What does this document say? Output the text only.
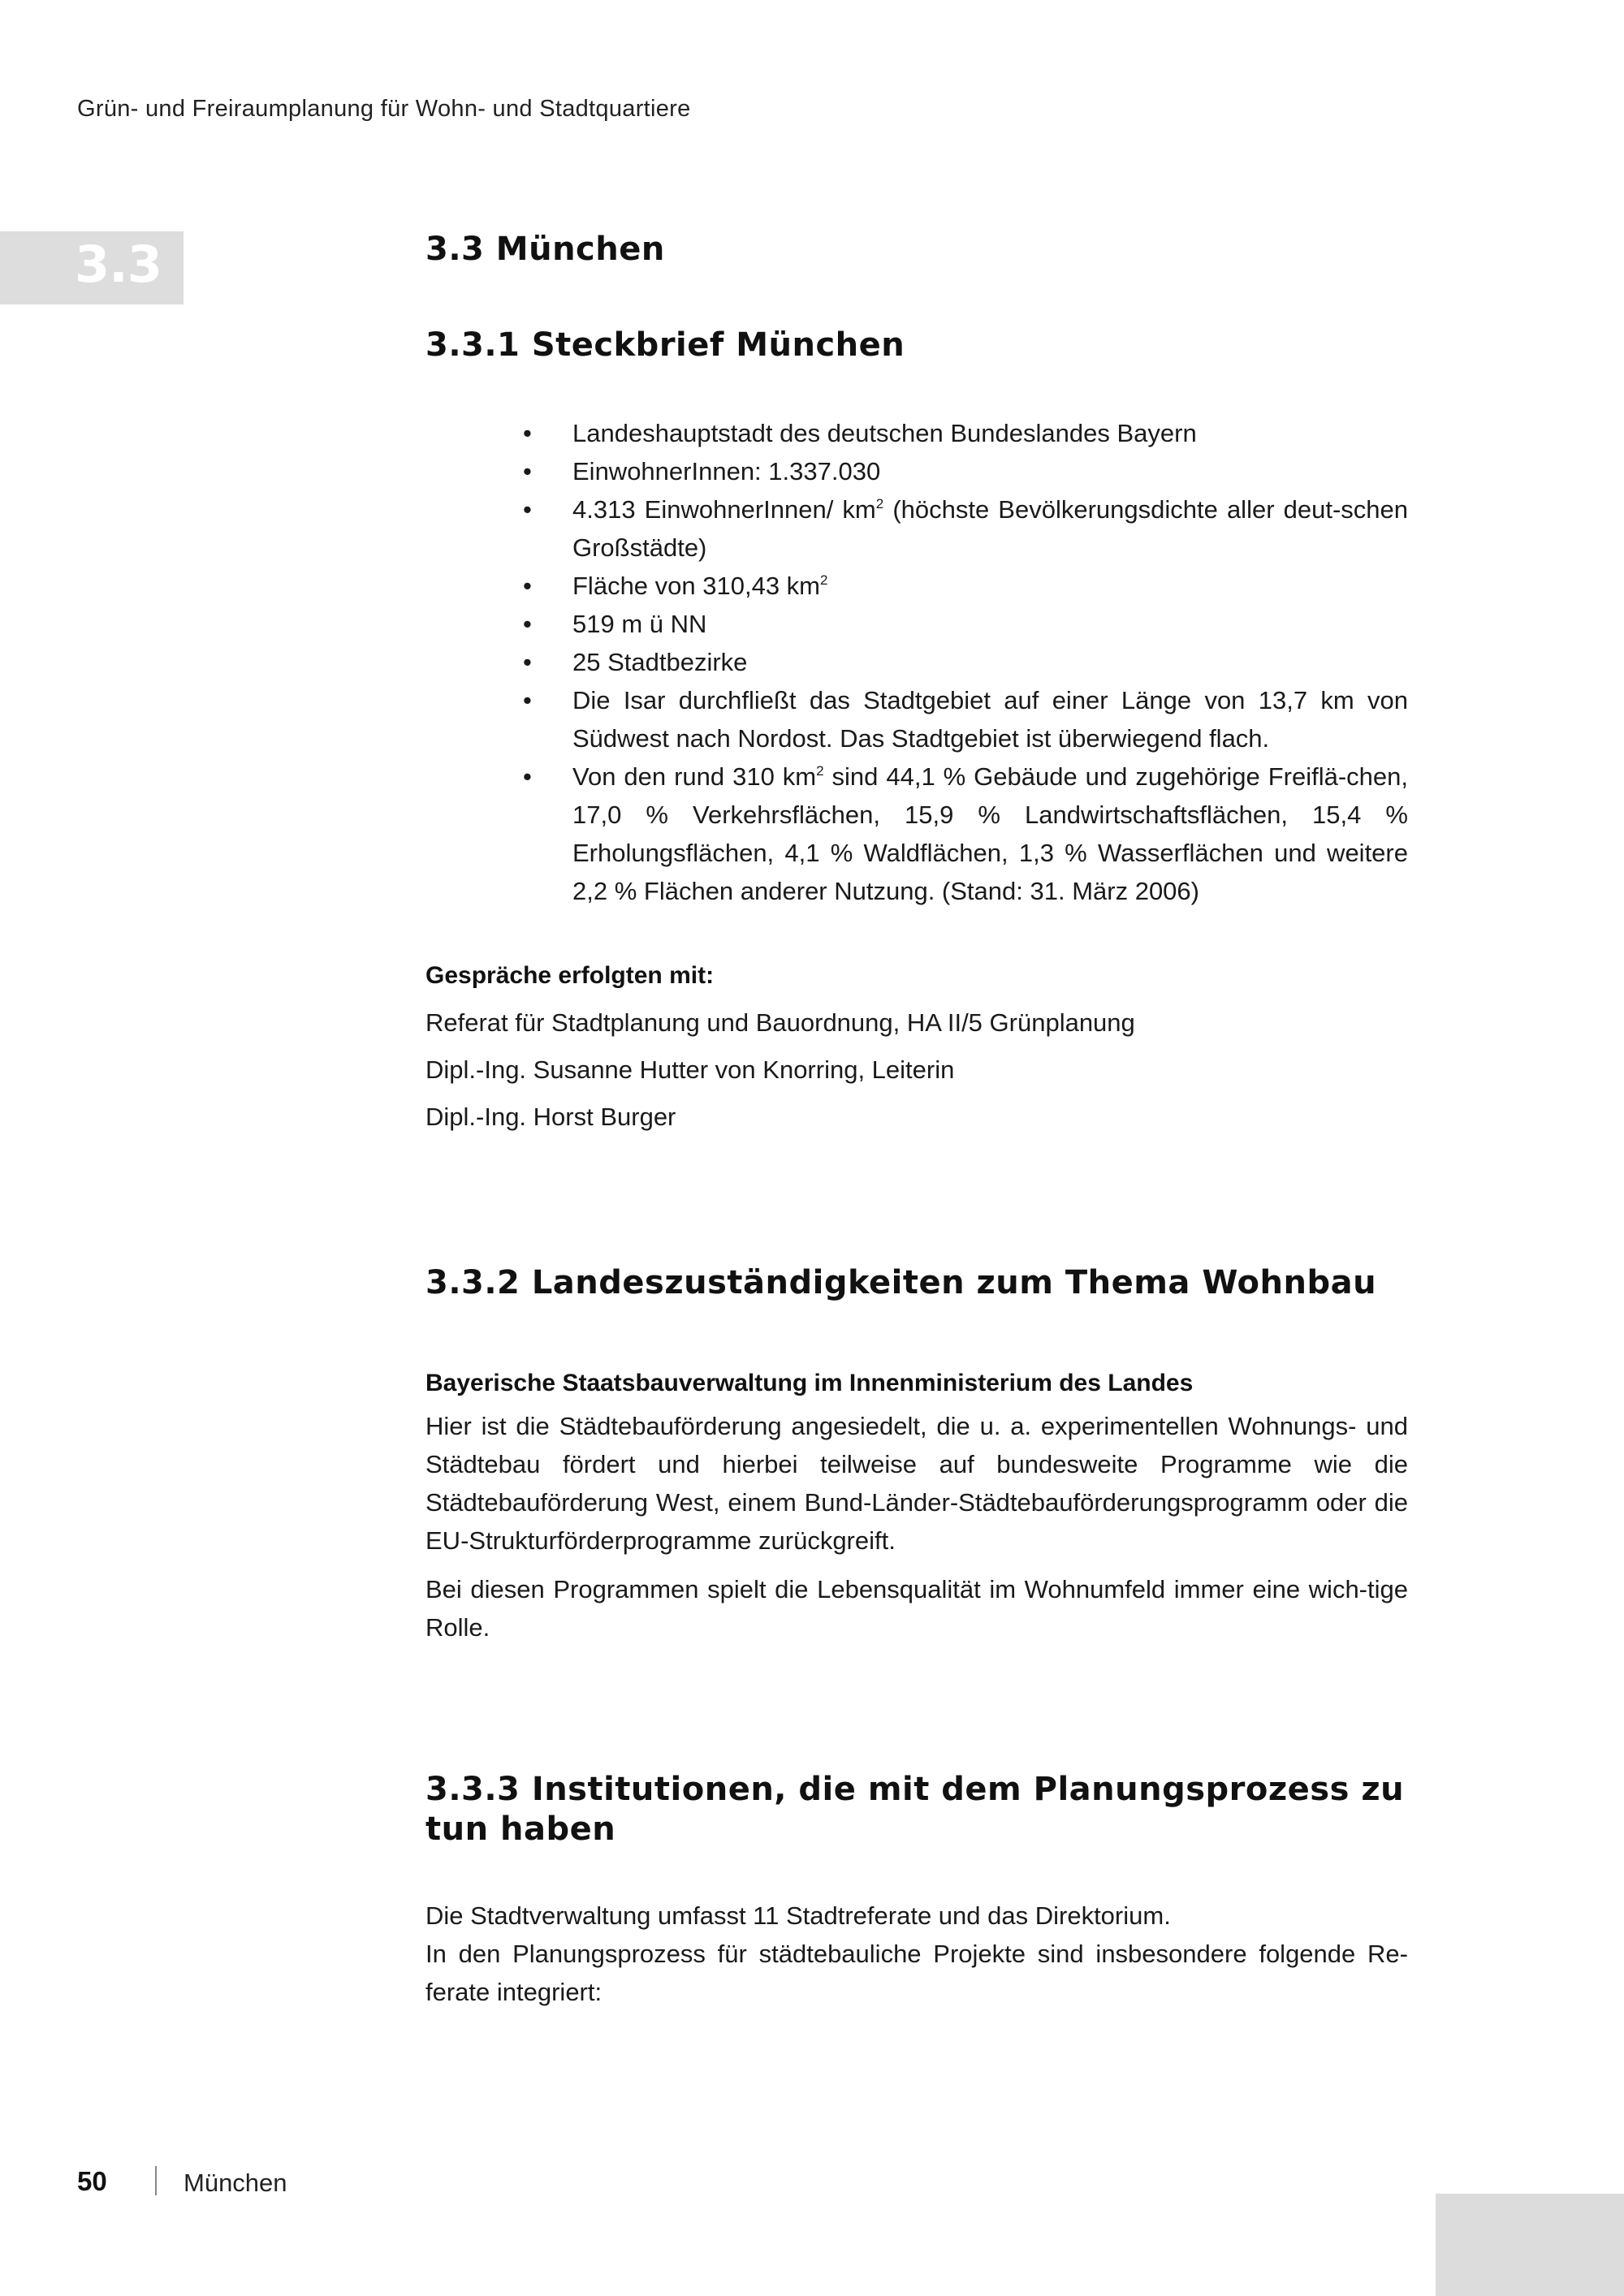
Grün- und Freiraumplanung für Wohn- und Stadtquartiere
3.3	3.3 München
3.3.1 Steckbrief München
• Landeshauptstadt des deutschen Bundeslandes Bayern
• EinwohnerInnen: 1.337.030
• 4.313 EinwohnerInnen/ $km^2$ (höchste Bevölkerungsdichte aller deut-schen Großstädte)
• Fläche von 310,43 $km^2$
• 519 m ü NN
• 25 Stadtbezirke
• Die Isar durchfließt das Stadtgebiet auf einer Länge von 13,7 km von Südwest nach Nordost. Das Stadtgebiet ist überwiegend flach.
• Von den rund 310 $km^2$ sind 44,1 % Gebäude und zugehörige Freiflä-chen, 17,0 % Verkehrsflächen, 15,9 % Landwirtschaftsflächen, 15,4 % Erholungsflächen, 4,1 % Waldflächen, 1,3 % Wasserflächen und weitere 2,2 % Flächen anderer Nutzung. (Stand: 31. März 2006)
Gespräche erfolgten mit:
Referat für Stadtplanung und Bauordnung, HA II/5 Grünplanung
Dipl.-Ing. Susanne Hutter von Knorring, Leiterin
Dipl.-Ing. Horst Burger
3.3.2 Landeszuständigkeiten zum Thema Wohnbau
Bayerische Staatsbauverwaltung im Innenministerium des Landes
Hier ist die Städtebauförderung angesiedelt, die u. a. experimentellen Wohnungs- und Städtebau fördert und hierbei teilweise auf bundesweite Programme wie die Städtebauförderung West, einem Bund-Länder-Städtebauförderungsprogramm oder die EU-Strukturförderprogramme zurückgreift.
Bei diesen Programmen spielt die Lebensqualität im Wohnumfeld immer eine wich-tige Rolle.
3.3.3 Institutionen, die mit dem Planungsprozess zu tun haben
Die Stadtverwaltung umfasst 11 Stadtreferate und das Direktorium.
In den Planungsprozess für städtebauliche Projekte sind insbesondere folgende Re-ferate integriert:
50	München
